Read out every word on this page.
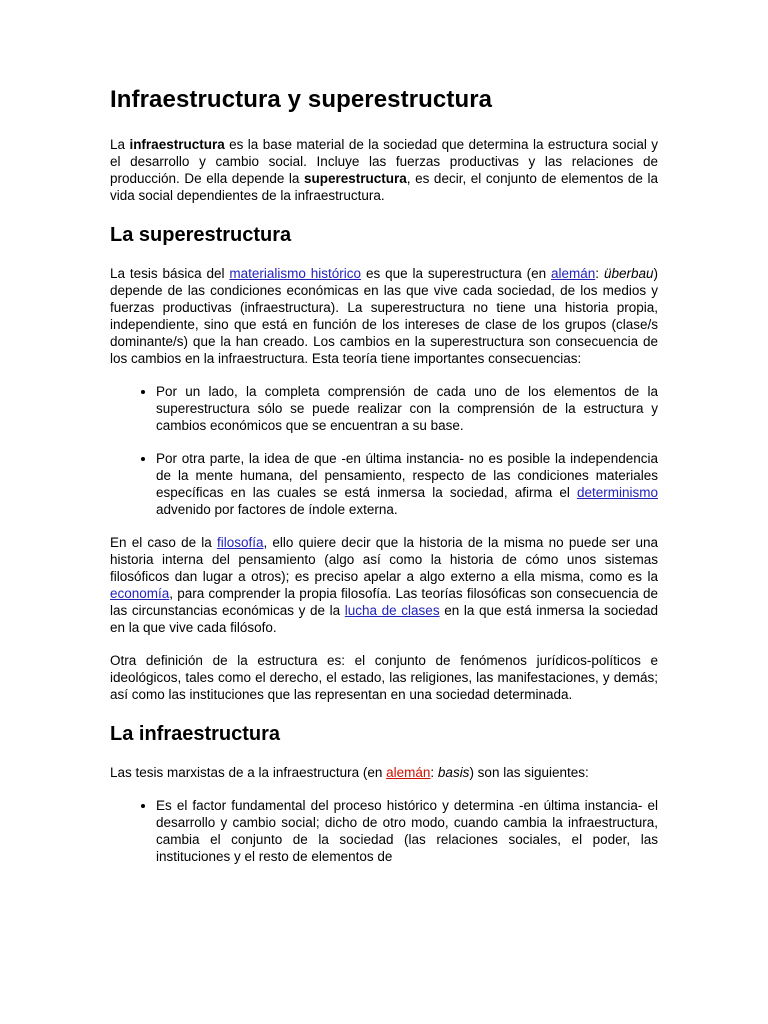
Infraestructura y superestructura

La infraestructura es la base material de la sociedad que determina la estructura social y el desarrollo y cambio social. Incluye las fuerzas productivas y las relaciones de producción. De ella depende la superestructura, es decir, el conjunto de elementos de la vida social dependientes de la infraestructura.

La superestructura

La tesis básica del materialismo histórico es que la superestructura (en alemán: überbau) depende de las condiciones económicas en las que vive cada sociedad, de los medios y fuerzas productivas (infraestructura). La superestructura no tiene una historia propia, independiente, sino que está en función de los intereses de clase de los grupos (clase/s dominante/s) que la han creado. Los cambios en la superestructura son consecuencia de los cambios en la infraestructura. Esta teoría tiene importantes consecuencias:

• Por un lado, la completa comprensión de cada uno de los elementos de la superestructura sólo se puede realizar con la comprensión de la estructura y cambios económicos que se encuentran a su base.
• Por otra parte, la idea de que -en última instancia- no es posible la independencia de la mente humana, del pensamiento, respecto de las condiciones materiales específicas en las cuales se está inmersa la sociedad, afirma el determinismo advenido por factores de índole externa.

En el caso de la filosofía, ello quiere decir que la historia de la misma no puede ser una historia interna del pensamiento (algo así como la historia de cómo unos sistemas filosóficos dan lugar a otros); es preciso apelar a algo externo a ella misma, como es la economía, para comprender la propia filosofía. Las teorías filosóficas son consecuencia de las circunstancias económicas y de la lucha de clases en la que está inmersa la sociedad en la que vive cada filósofo.

Otra definición de la estructura es: el conjunto de fenómenos jurídicos-políticos e ideológicos, tales como el derecho, el estado, las religiones, las manifestaciones, y demás; así como las instituciones que las representan en una sociedad determinada.

La infraestructura

Las tesis marxistas de a la infraestructura (en alemán: basis) son las siguientes:

• Es el factor fundamental del proceso histórico y determina -en última instancia- el desarrollo y cambio social; dicho de otro modo, cuando cambia la infraestructura, cambia el conjunto de la sociedad (las relaciones sociales, el poder, las instituciones y el resto de elementos de
